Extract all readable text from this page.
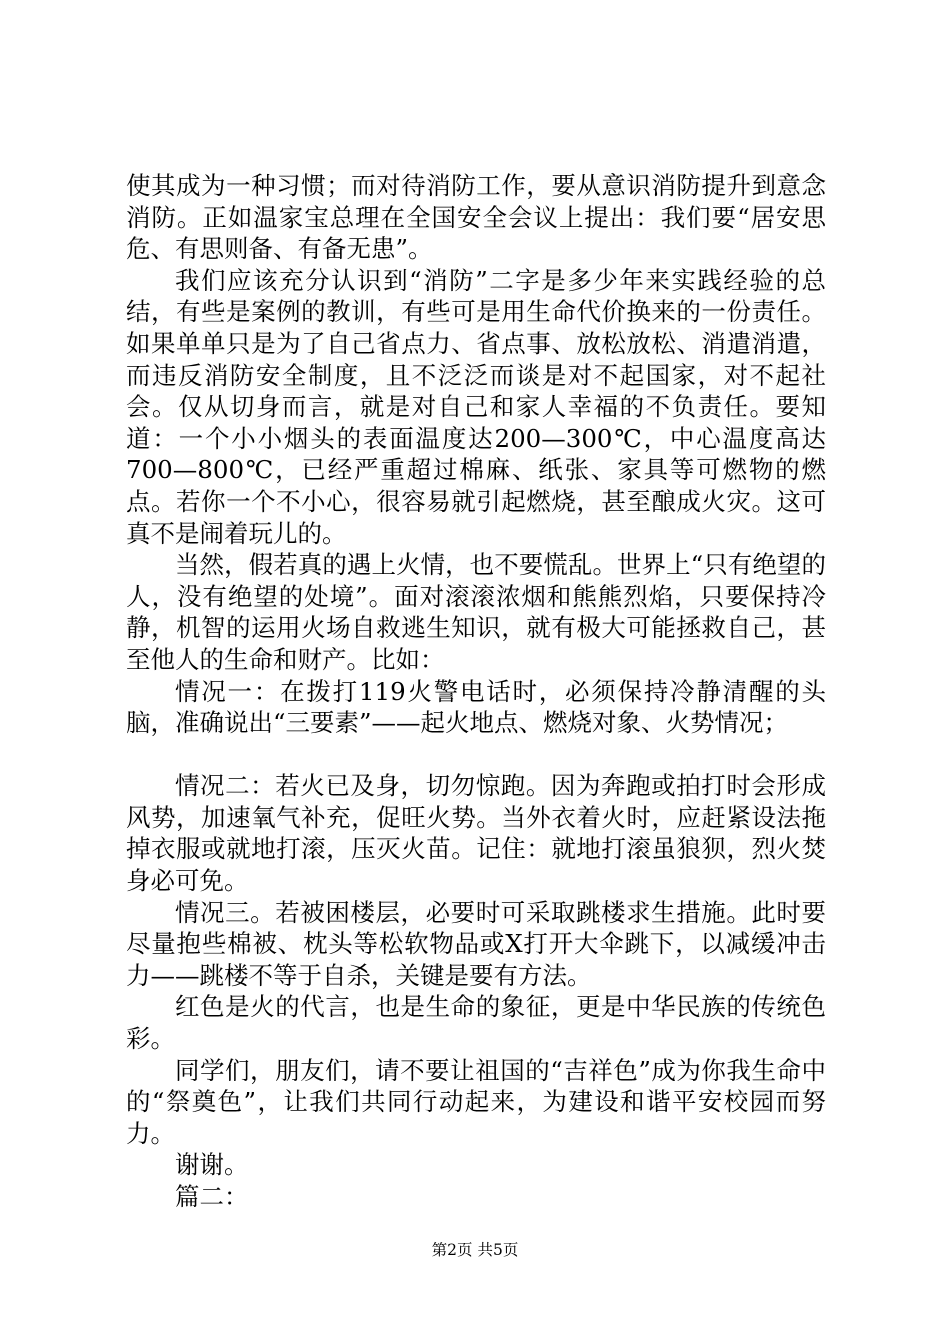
使其成为一种习惯；而对待消防工作，要从意识消防提升到意念消防。正如温家宝总理在全国安全会议上提出：我们要“居安思危、有思则备、有备无患”。

我们应该充分认识到“消防”二字是多少年来实践经验的总结，有些是案例的教训，有些可是用生命代价换来的一份责任。如果单单只是为了自己省点力、省点事、放松放松、消遣消遣，而违反消防安全制度，且不泛泛而谈是对不起国家，对不起社会。仅从切身而言，就是对自己和家人幸福的不负责任。要知道：一个小小烟头的表面温度达200—300℃，中心温度高达700—800℃，已经严重超过棉麻、纸张、家具等可燃物的燃点。若你一个不小心，很容易就引起燃烧，甚至酿成火灾。这可真不是闹着玩儿的。

当然，假若真的遇上火情，也不要慌乱。世界上“只有绝望的人，没有绝望的处境”。面对滚滚浓烟和熊熊烈焰，只要保持冷静，机智的运用火场自救逃生知识，就有极大可能拯救自己，甚至他人的生命和财产。比如：

情况一：在拨打119火警电话时，必须保持冷静清醒的头脑，准确说出“三要素”——起火地点、燃烧对象、火势情况；

情况二：若火已及身，切勿惊跑。因为奔跑或拍打时会形成风势，加速氧气补充，促旺火势。当外衣着火时，应赶紧设法拖掉衣服或就地打滚，压灭火苗。记住：就地打滚虽狼狈，烈火焚身必可免。

情况三。若被困楼层，必要时可采取跳楼求生措施。此时要尽量抱些棉被、枕头等松软物品或X打开大伞跳下，以减缓冲击力——跳楼不等于自杀，关键是要有方法。

红色是火的代言，也是生命的象征，更是中华民族的传统色彩。

同学们，朋友们，请不要让祖国的“吉祥色”成为你我生命中的“祭奠色”，让我们共同行动起来，为建设和谐平安校园而努力。

谢谢。

篇二：

第2页 共5页
